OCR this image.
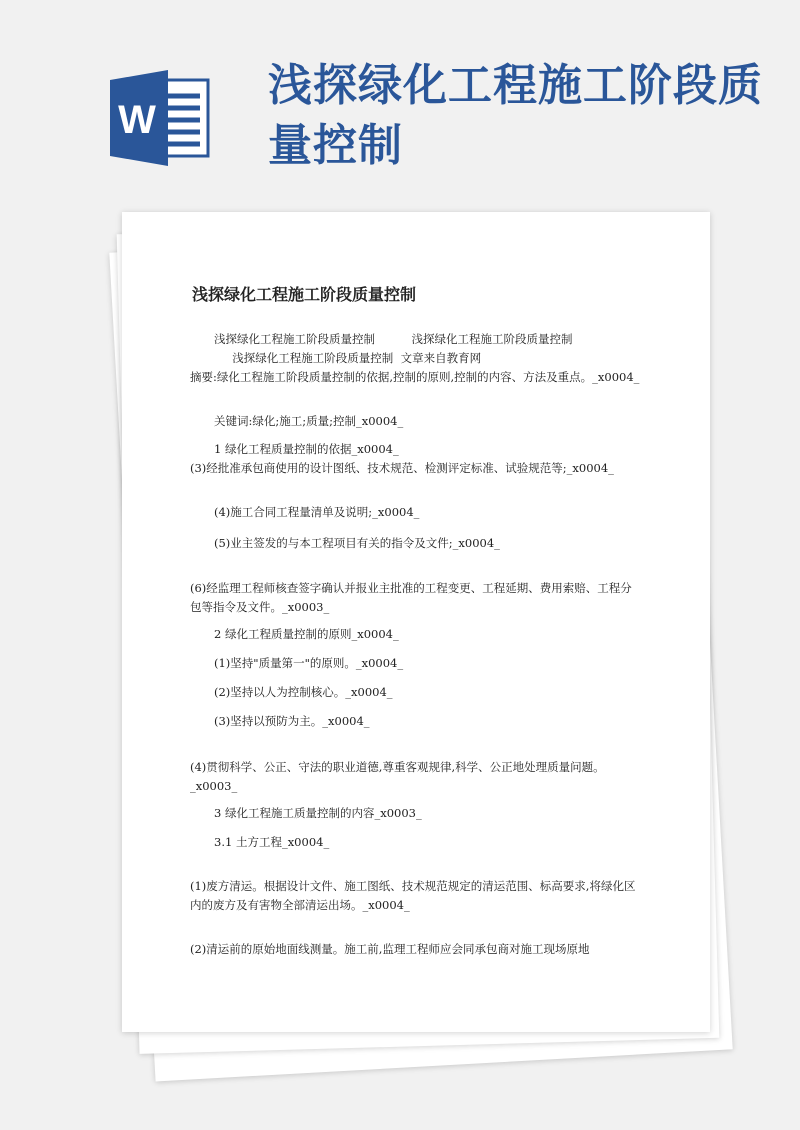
W
浅探绿化工程施工阶段质量控制
浅探绿化工程施工阶段质量控制

浅探绿化工程施工阶段质量控制          浅探绿化工程施工阶段质量控制

浅探绿化工程施工阶段质量控制  文章来自教育网

摘要:绿化工程施工阶段质量控制的依据,控制的原则,控制的内容、方法及重点。_x0004_

关键词:绿化;施工;质量;控制_x0004_

1 绿化工程质量控制的依据_x0004_

(3)经批准承包商使用的设计图纸、技术规范、检测评定标准、试验规范等;_x0004_

(4)施工合同工程量清单及说明;_x0004_

(5)业主签发的与本工程项目有关的指令及文件;_x0004_

(6)经监理工程师核查签字确认并报业主批准的工程变更、工程延期、费用索赔、工程分包等指令及文件。_x0003_

2 绿化工程质量控制的原则_x0004_

(1)坚持"质量第一"的原则。_x0004_

(2)坚持以人为控制核心。_x0004_

(3)坚持以预防为主。_x0004_

(4)贯彻科学、公正、守法的职业道德,尊重客观规律,科学、公正地处理质量问题。_x0003_

3 绿化工程施工质量控制的内容_x0003_

3.1 土方工程_x0004_

(1)废方清运。根据设计文件、施工图纸、技术规范规定的清运范围、标高要求,将绿化区内的废方及有害物全部清运出场。_x0004_

(2)清运前的原始地面线测量。施工前,监理工程师应会同承包商对施工现场原地
